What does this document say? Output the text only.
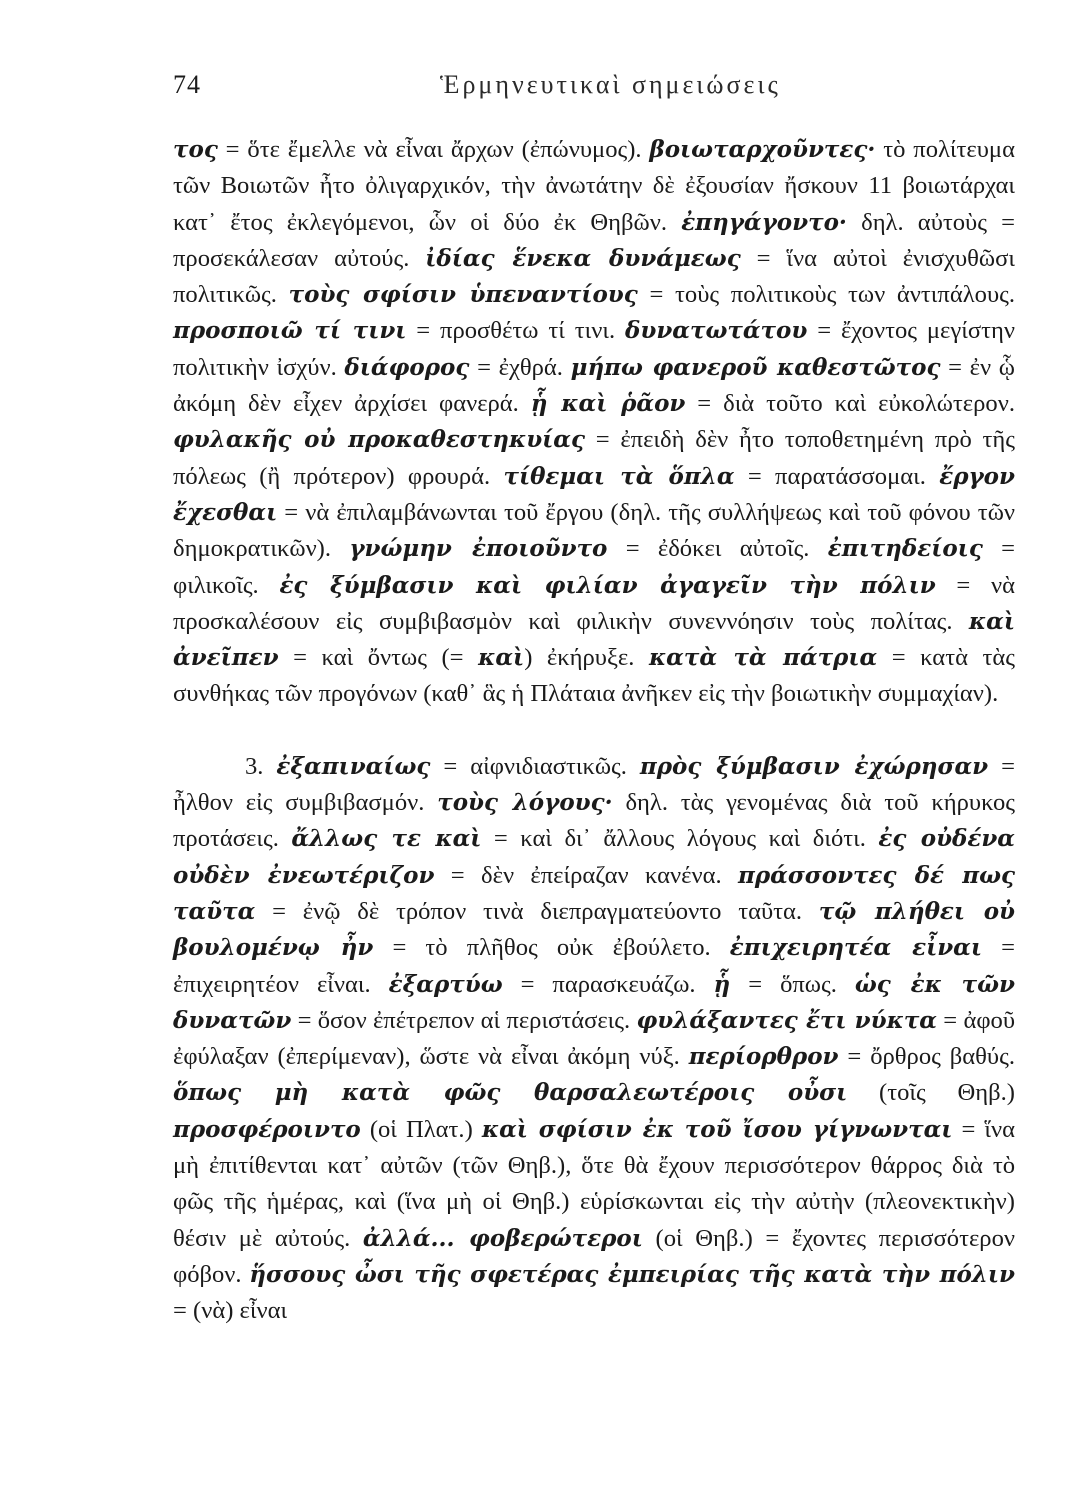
74	Ἑρμηνευτικαὶ σημειώσεις

τος = ὅτε ἔμελλε νὰ εἶναι ἄρχων (ἐπώνυμος). βοιωταρχοῦντες· τὸ πολίτευμα τῶν Βοιωτῶν ἦτο ὀλιγαρχικόν, τὴν ἀνωτάτην δὲ ἐξουσίαν ἤσκουν 11 βοιωτάρχαι κατ᾽ ἔτος ἐκλεγόμενοι, ὧν οἱ δύο ἐκ Θηβῶν. ἐπηγάγοντο· δηλ. αὐτοὺς = προσεκάλεσαν αὐτούς. ἰδίας ἕνεκα δυνάμεως = ἵνα αὐτοὶ ἐνισχυθῶσι πολιτικῶς. τοὺς σφίσιν ὑπεναντίους = τοὺς πολιτικοὺς των ἀντιπάλους. προσποιῶ τί τινι = προσθέτω τί τινι. δυνατωτάτου = ἔχοντος μεγίστην πολιτικὴν ἰσχύν. διάφορος = ἐχθρά. μήπω φανεροῦ καθεστῶτος = ἐν ᾧ ἀκόμη δὲν εἶχεν ἀρχίσει φανερά. ᾗ καὶ ῥᾶον = διὰ τοῦτο καὶ εὐκολώτερον. φυλακῆς οὐ προκαθεστηκυίας = ἐπειδὴ δὲν ἦτο τοποθετημένη πρὸ τῆς πόλεως (ἢ πρότερον) φρουρά. τίθεμαι τὰ ὅπλα = παρατάσσομαι. ἔργον ἔχεσθαι = νὰ ἐπιλαμβάνωνται τοῦ ἔργου (δηλ. τῆς συλλήψεως καὶ τοῦ φόνου τῶν δημοκρατικῶν). γνώμην ἐποιοῦντο = ἐδόκει αὐτοῖς. ἐπιτηδείοις = φιλικοῖς. ἐς ξύμβασιν καὶ φιλίαν ἀγαγεῖν τὴν πόλιν = νὰ προσκαλέσουν εἰς συμβιβασμὸν καὶ φιλικὴν συνεννόησιν τοὺς πολίτας. καὶ ἀνεῖπεν = καὶ ὄντως (= καὶ) ἐκήρυξε. κατὰ τὰ πάτρια = κατὰ τὰς συνθήκας τῶν προγόνων (καθ᾽ ἃς ἡ Πλάταια ἀνῆκεν εἰς τὴν βοιωτικὴν συμμαχίαν).

3. ἐξαπιναίως = αἰφνιδιαστικῶς. πρὸς ξύμβασιν ἐχώρησαν = ἦλθον εἰς συμβιβασμόν. τοὺς λόγους· δηλ. τὰς γενομένας διὰ τοῦ κήρυκος προτάσεις. ἄλλως τε καὶ = καὶ δι᾽ ἄλλους λόγους καὶ διότι. ἐς οὐδένα οὐδὲν ἐνεωτέριζον = δὲν ἐπείραζαν κανένα. πράσσοντες δέ πως ταῦτα = ἐνῷ δὲ τρόπον τινὰ διεπραγματεύοντο ταῦτα. τῷ πλήθει οὐ βουλομένῳ ἦν = τὸ πλῆθος οὐκ ἐβούλετο. ἐπιχειρητέα εἶναι = ἐπιχειρητέον εἶναι. ἐξαρτύω = παρασκευάζω. ᾗ = ὅπως. ὡς ἐκ τῶν δυνατῶν = ὅσον ἐπέτρεπον αἱ περιστάσεις. φυλάξαντες ἔτι νύκτα = ἀφοῦ ἐφύλαξαν (ἐπερίμεναν), ὥστε νὰ εἶναι ἀκόμη νύξ. περίορθρον = ὄρθρος βαθύς. ὅπως μὴ κατὰ φῶς θαρσαλεωτέροις οὖσι (τοῖς Θηβ.) προσφέροιντο (οἱ Πλατ.) καὶ σφίσιν ἐκ τοῦ ἴσου γίγνωνται = ἵνα μὴ ἐπιτίθενται κατ᾽ αὐτῶν (τῶν Θηβ.), ὅτε θὰ ἔχουν περισσότερον θάρρος διὰ τὸ φῶς τῆς ἡμέρας, καὶ (ἵνα μὴ οἱ Θηβ.) εὑρίσκωνται εἰς τὴν αὐτὴν (πλεονεκτικὴν) θέσιν μὲ αὐτούς. ἀλλά... φοβερώτεροι (οἱ Θηβ.) = ἔχοντες περισσότερον φόβον. ἥσσους ὦσι τῆς σφετέρας ἐμπειρίας τῆς κατὰ τὴν πόλιν = (νὰ) εἶναι
